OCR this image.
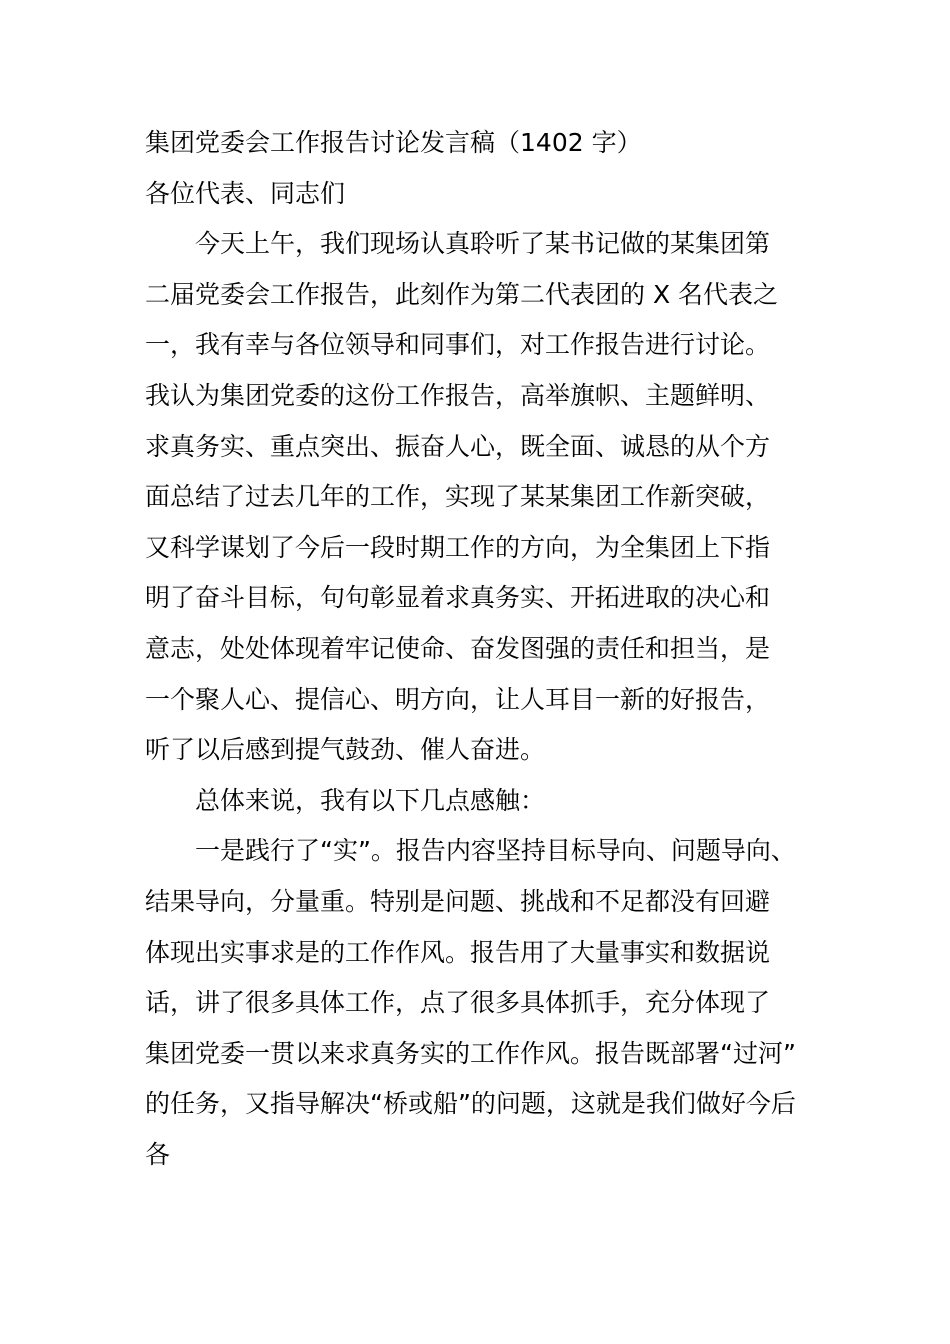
集团党委会工作报告讨论发言稿（1402 字）
各位代表、同志们
今天上午，我们现场认真聆听了某书记做的某集团第
二届党委会工作报告，此刻作为第二代表团的 X 名代表之
一，我有幸与各位领导和同事们，对工作报告进行讨论。
我认为集团党委的这份工作报告，高举旗帜、主题鲜明、
求真务实、重点突出、振奋人心，既全面、诚恳的从个方
面总结了过去几年的工作，实现了某某集团工作新突破，
又科学谋划了今后一段时期工作的方向，为全集团上下指
明了奋斗目标，句句彰显着求真务实、开拓进取的决心和
意志，处处体现着牢记使命、奋发图强的责任和担当，是
一个聚人心、提信心、明方向，让人耳目一新的好报告，
听了以后感到提气鼓劲、催人奋进。
总体来说，我有以下几点感触：
一是践行了“实”。报告内容坚持目标导向、问题导向、
结果导向，分量重。特别是问题、挑战和不足都没有回避
体现出实事求是的工作作风。报告用了大量事实和数据说
话，讲了很多具体工作，点了很多具体抓手，充分体现了
集团党委一贯以来求真务实的工作作风。报告既部署“过河”
的任务，又指导解决“桥或船”的问题，这就是我们做好今后
各
